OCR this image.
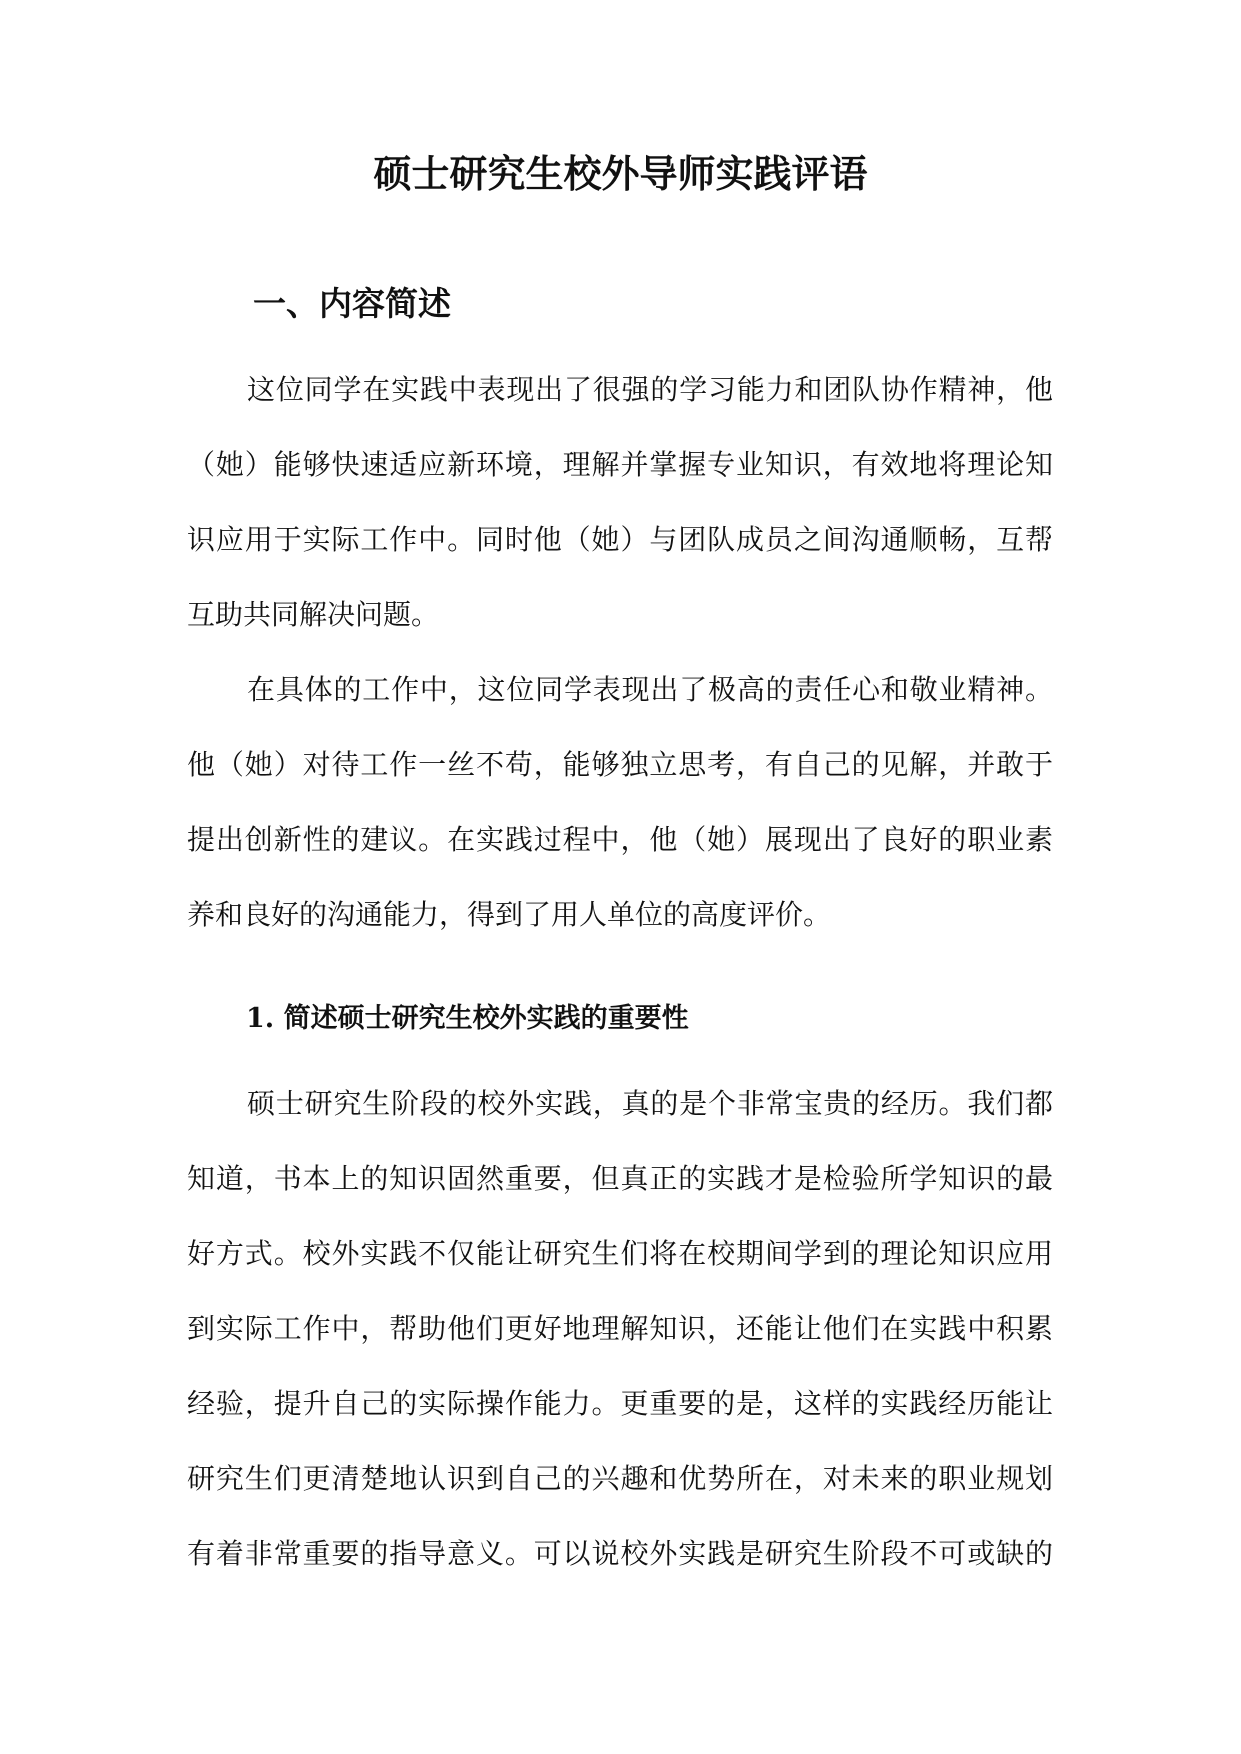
硕士研究生校外导师实践评语
一、内容简述
这位同学在实践中表现出了很强的学习能力和团队协作精神，他
（她）能够快速适应新环境，理解并掌握专业知识，有效地将理论知
识应用于实际工作中。同时他（她）与团队成员之间沟通顺畅，互帮
互助共同解决问题。
在具体的工作中，这位同学表现出了极高的责任心和敬业精神。
他（她）对待工作一丝不苟，能够独立思考，有自己的见解，并敢于
提出创新性的建议。在实践过程中，他（她）展现出了良好的职业素
养和良好的沟通能力，得到了用人单位的高度评价。
1. 简述硕士研究生校外实践的重要性
硕士研究生阶段的校外实践，真的是个非常宝贵的经历。我们都
知道，书本上的知识固然重要，但真正的实践才是检验所学知识的最
好方式。校外实践不仅能让研究生们将在校期间学到的理论知识应用
到实际工作中，帮助他们更好地理解知识，还能让他们在实践中积累
经验，提升自己的实际操作能力。更重要的是，这样的实践经历能让
研究生们更清楚地认识到自己的兴趣和优势所在，对未来的职业规划
有着非常重要的指导意义。可以说校外实践是研究生阶段不可或缺的
